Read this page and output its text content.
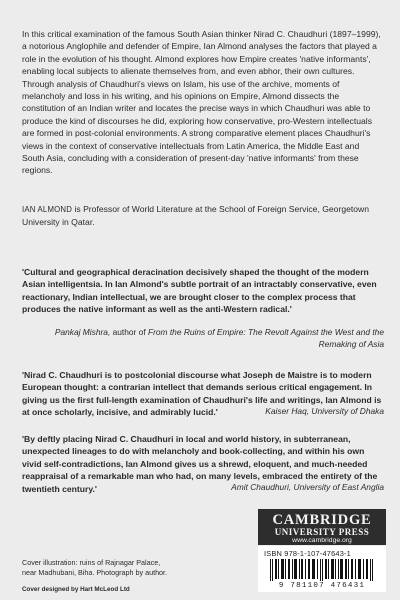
In this critical examination of the famous South Asian thinker Nirad C. Chaudhuri (1897–1999), a notorious Anglophile and defender of Empire, Ian Almond analyses the factors that played a role in the evolution of his thought. Almond explores how Empire creates 'native informants', enabling local subjects to alienate themselves from, and even abhor, their own cultures. Through analysis of Chaudhuri's views on Islam, his use of the archive, moments of melancholy and loss in his writing, and his opinions on Empire, Almond dissects the constitution of an Indian writer and locates the precise ways in which Chaudhuri was able to produce the kind of discourses he did, exploring how conservative, pro-Western intellectuals are formed in post-colonial environments. A strong comparative element places Chaudhuri's views in the context of conservative intellectuals from Latin America, the Middle East and South Asia, concluding with a consideration of present-day 'native informants' from these regions.

IAN ALMOND is Professor of World Literature at the School of Foreign Service, Georgetown University in Qatar.

'Cultural and geographical deracination decisively shaped the thought of the modern Asian intelligentsia. In Ian Almond's subtle portrait of an intractably conservative, even reactionary, Indian intellectual, we are brought closer to the complex process that produces the native informant as well as the anti-Western radical.'

Pankaj Mishra, author of From the Ruins of Empire: The Revolt Against the West and the Remaking of Asia

'Nirad C. Chaudhuri is to postcolonial discourse what Joseph de Maistre is to modern European thought: a contrarian intellect that demands serious critical engagement. In giving us the first full-length examination of Chaudhuri's life and writings, Ian Almond is at once scholarly, incisive, and admirably lucid.'	Kaiser Haq, University of Dhaka

'By deftly placing Nirad C. Chaudhuri in local and world history, in subterranean, unexpected lineages to do with melancholy and book-collecting, and within his own vivid self-contradictions, Ian Almond gives us a shrewd, eloquent, and much-needed reappraisal of a remarkable man who had, on many levels, embraced the entirety of the twentieth century.'	Amit Chaudhuri, University of East Anglia

CAMBRIDGE
UNIVERSITY PRESS
www.cambridge.org
ISBN 978-1-107-47643-1
9 781107 476431

Cover illustration: ruins of Rajnagar Palace, near Madhubani, Biha. Photograph by author.

Cover designed by Hart McLeod Ltd
